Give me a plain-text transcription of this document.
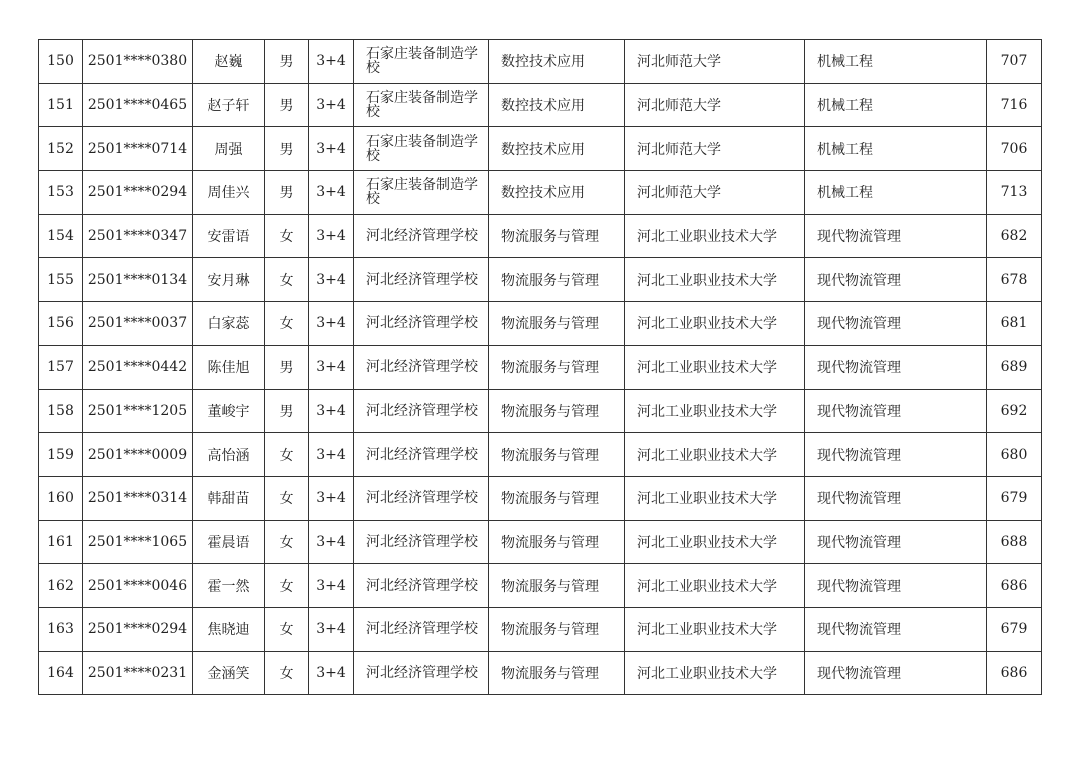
150	2501****0380	赵巍	男	3+4	石家庄装备制造学校	数控技术应用	河北师范大学	机械工程	707
151	2501****0465	赵子轩	男	3+4	石家庄装备制造学校	数控技术应用	河北师范大学	机械工程	716
152	2501****0714	周强	男	3+4	石家庄装备制造学校	数控技术应用	河北师范大学	机械工程	706
153	2501****0294	周佳兴	男	3+4	石家庄装备制造学校	数控技术应用	河北师范大学	机械工程	713
154	2501****0347	安雷语	女	3+4	河北经济管理学校	物流服务与管理	河北工业职业技术大学	现代物流管理	682
155	2501****0134	安月琳	女	3+4	河北经济管理学校	物流服务与管理	河北工业职业技术大学	现代物流管理	678
156	2501****0037	白家蕊	女	3+4	河北经济管理学校	物流服务与管理	河北工业职业技术大学	现代物流管理	681
157	2501****0442	陈佳旭	男	3+4	河北经济管理学校	物流服务与管理	河北工业职业技术大学	现代物流管理	689
158	2501****1205	董峻宇	男	3+4	河北经济管理学校	物流服务与管理	河北工业职业技术大学	现代物流管理	692
159	2501****0009	高怡涵	女	3+4	河北经济管理学校	物流服务与管理	河北工业职业技术大学	现代物流管理	680
160	2501****0314	韩甜苗	女	3+4	河北经济管理学校	物流服务与管理	河北工业职业技术大学	现代物流管理	679
161	2501****1065	霍晨语	女	3+4	河北经济管理学校	物流服务与管理	河北工业职业技术大学	现代物流管理	688
162	2501****0046	霍一然	女	3+4	河北经济管理学校	物流服务与管理	河北工业职业技术大学	现代物流管理	686
163	2501****0294	焦晓迪	女	3+4	河北经济管理学校	物流服务与管理	河北工业职业技术大学	现代物流管理	679
164	2501****0231	金涵笑	女	3+4	河北经济管理学校	物流服务与管理	河北工业职业技术大学	现代物流管理	686
